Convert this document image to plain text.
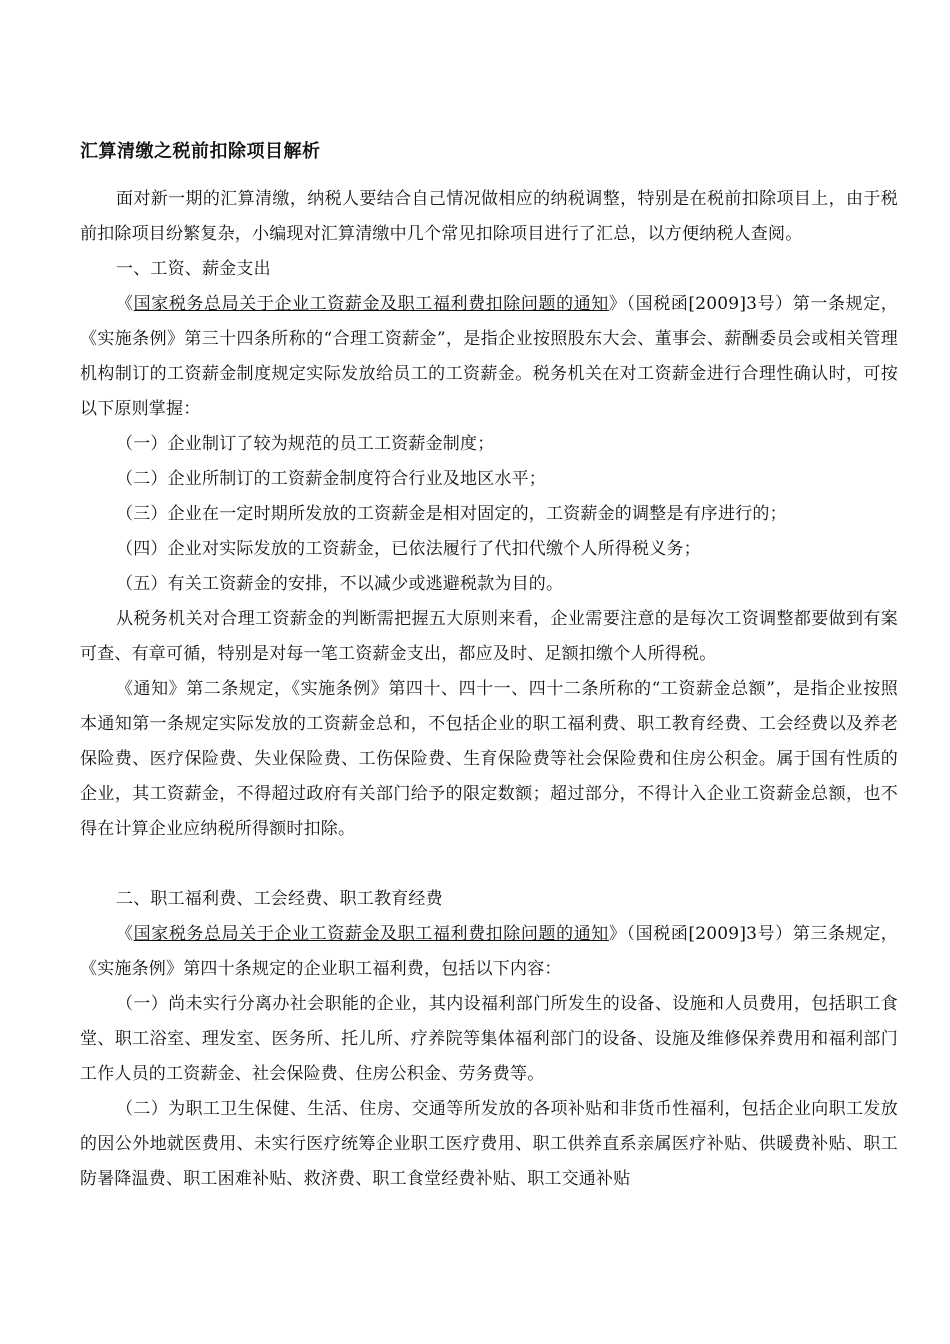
汇算清缴之税前扣除项目解析

面对新一期的汇算清缴，纳税人要结合自己情况做相应的纳税调整，特别是在税前扣除项目上，由于税前扣除项目纷繁复杂，小编现对汇算清缴中几个常见扣除项目进行了汇总，以方便纳税人查阅。

一、工资、薪金支出

《国家税务总局关于企业工资薪金及职工福利费扣除问题的通知》（国税函[2009]3号）第一条规定，《实施条例》第三十四条所称的“合理工资薪金”，是指企业按照股东大会、董事会、薪酬委员会或相关管理机构制订的工资薪金制度规定实际发放给员工的工资薪金。税务机关在对工资薪金进行合理性确认时，可按以下原则掌握：

（一）企业制订了较为规范的员工工资薪金制度；

（二）企业所制订的工资薪金制度符合行业及地区水平；

（三）企业在一定时期所发放的工资薪金是相对固定的，工资薪金的调整是有序进行的；

（四）企业对实际发放的工资薪金，已依法履行了代扣代缴个人所得税义务；

（五）有关工资薪金的安排，不以减少或逃避税款为目的。

从税务机关对合理工资薪金的判断需把握五大原则来看，企业需要注意的是每次工资调整都要做到有案可查、有章可循，特别是对每一笔工资薪金支出，都应及时、足额扣缴个人所得税。

《通知》第二条规定，《实施条例》第四十、四十一、四十二条所称的“工资薪金总额”，是指企业按照本通知第一条规定实际发放的工资薪金总和，不包括企业的职工福利费、职工教育经费、工会经费以及养老保险费、医疗保险费、失业保险费、工伤保险费、生育保险费等社会保险费和住房公积金。属于国有性质的企业，其工资薪金，不得超过政府有关部门给予的限定数额；超过部分，不得计入企业工资薪金总额，也不得在计算企业应纳税所得额时扣除。

二、职工福利费、工会经费、职工教育经费

《国家税务总局关于企业工资薪金及职工福利费扣除问题的通知》（国税函[2009]3号）第三条规定，《实施条例》第四十条规定的企业职工福利费，包括以下内容：

（一）尚未实行分离办社会职能的企业，其内设福利部门所发生的设备、设施和人员费用，包括职工食堂、职工浴室、理发室、医务所、托儿所、疗养院等集体福利部门的设备、设施及维修保养费用和福利部门工作人员的工资薪金、社会保险费、住房公积金、劳务费等。

（二）为职工卫生保健、生活、住房、交通等所发放的各项补贴和非货币性福利，包括企业向职工发放的因公外地就医费用、未实行医疗统筹企业职工医疗费用、职工供养直系亲属医疗补贴、供暖费补贴、职工防暑降温费、职工困难补贴、救济费、职工食堂经费补贴、职工交通补贴
